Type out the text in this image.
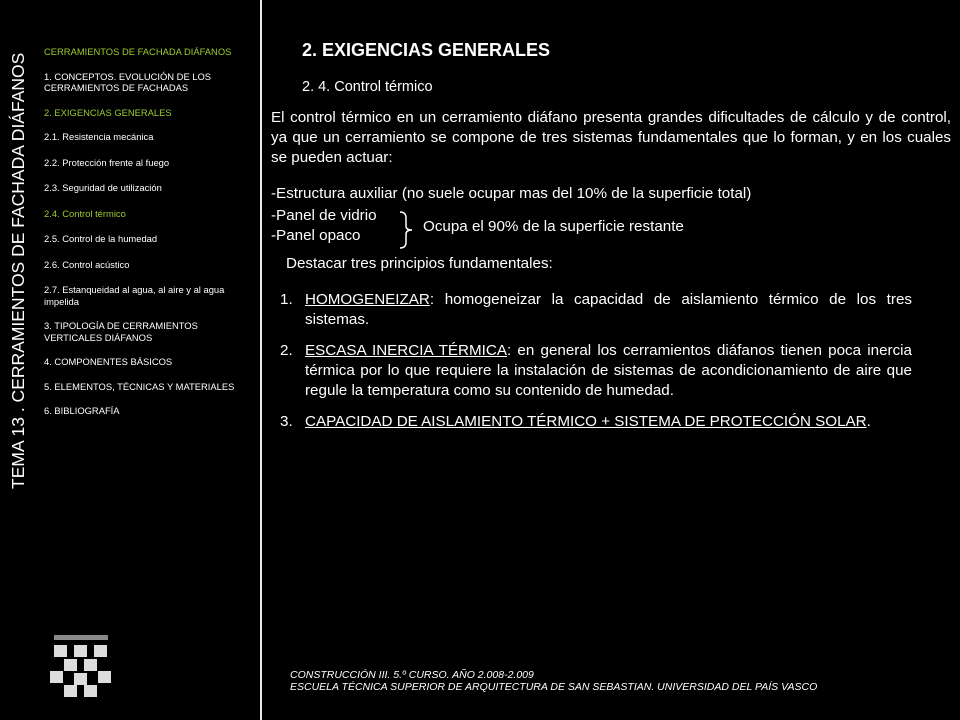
TEMA 13 . CERRAMIENTOS DE FACHADA DIÁFANOS
CERRAMIENTOS DE FACHADA DIÁFANOS
1. CONCEPTOS. EVOLUCIÓN DE LOS CERRAMIENTOS DE FACHADAS
2. EXIGENCIAS GENERALES
2.1. Resistencia mecánica
2.2. Protección frente al fuego
2.3. Seguridad de utilización
2.4. Control térmico
2.5. Control de la humedad
2.6. Control acústico
2.7. Estanqueidad al agua, al aire y al agua impelida
3. TIPOLOGÍA DE CERRAMIENTOS VERTICALES DIÁFANOS
4. COMPONENTES BÁSICOS
5. ELEMENTOS, TÉCNICAS Y MATERIALES
6. BIBLIOGRAFÍA
2. EXIGENCIAS GENERALES
2. 4. Control térmico
El control térmico en un cerramiento diáfano presenta grandes dificultades de cálculo y de control, ya que un cerramiento se compone de tres sistemas fundamentales que lo forman, y en los cuales se pueden actuar:
-Estructura auxiliar (no suele ocupar mas del 10% de la superficie total)
-Panel de vidrio
-Panel opaco
Ocupa el 90% de la superficie restante
Destacar tres principios fundamentales:
1. HOMOGENEIZAR: homogeneizar la capacidad de aislamiento térmico de los tres sistemas.
2. ESCASA INERCIA TÉRMICA: en general los cerramientos diáfanos tienen poca inercia térmica por lo que requiere la instalación de sistemas de acondicionamiento de aire que regule la temperatura como su contenido de humedad.
3. CAPACIDAD DE AISLAMIENTO TÉRMICO + SISTEMA DE PROTECCIÓN SOLAR.
CONSTRUCCIÓN III. 5.º CURSO. AÑO 2.008-2.009
ESCUELA TÉCNICA SUPERIOR DE ARQUITECTURA DE SAN SEBASTIAN. UNIVERSIDAD DEL PAÍS VASCO
